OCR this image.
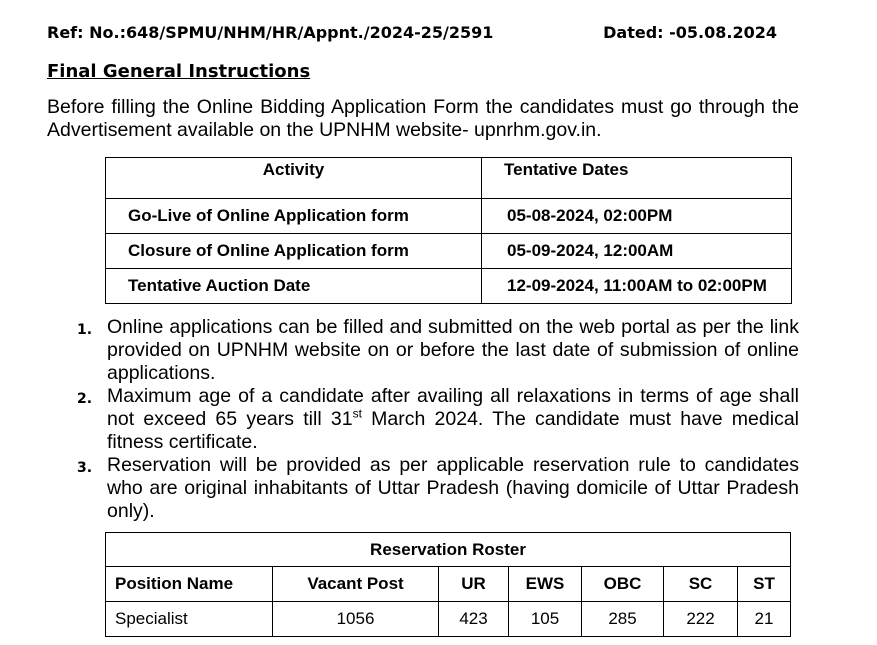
Ref: No.:648/SPMU/NHM/HR/Appnt./2024-25/2591	Dated: -05.08.2024
Final General Instructions
Before filling the Online Bidding Application Form the candidates must go through the Advertisement available on the UPNHM website- upnrhm.gov.in.
Activity	Tentative Dates
Go-Live of Online Application form	05-08-2024, 02:00PM
Closure of Online Application form	05-09-2024, 12:00AM
Tentative Auction Date	12-09-2024, 11:00AM to 02:00PM
1. Online applications can be filled and submitted on the web portal as per the link provided on UPNHM website on or before the last date of submission of online applications.
2. Maximum age of a candidate after availing all relaxations in terms of age shall not exceed 65 years till 31st March 2024. The candidate must have medical fitness certificate.
3. Reservation will be provided as per applicable reservation rule to candidates who are original inhabitants of Uttar Pradesh (having domicile of Uttar Pradesh only).
Reservation Roster						
Position Name	Vacant Post	UR	EWS	OBC	SC	ST
Specialist	1056	423	105	285	222	21
